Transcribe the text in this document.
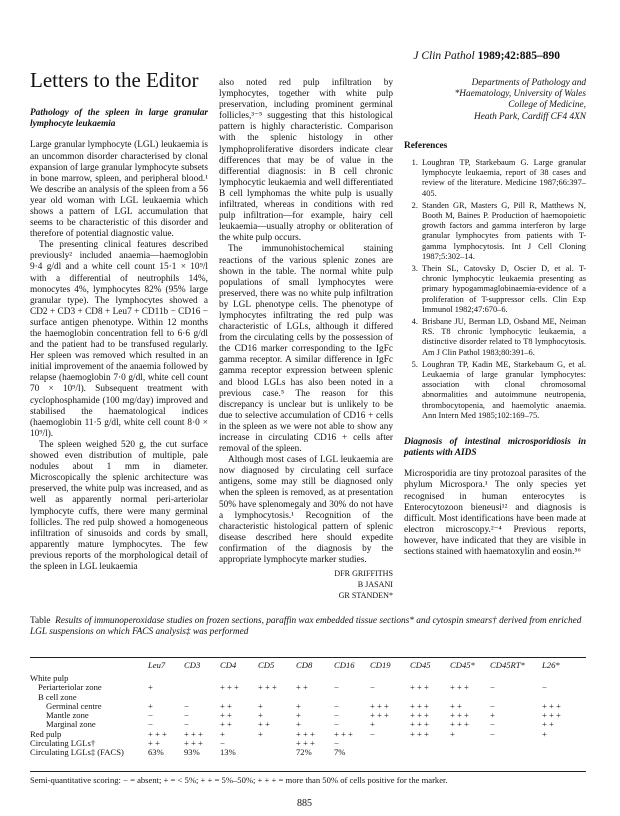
J Clin Pathol 1989;42:885–890
Letters to the Editor
Pathology of the spleen in large granular lymphocyte leukaemia

Large granular lymphocyte (LGL) leukaemia is an uncommon disorder characterised by clonal expansion of large granular lymphocyte subsets in bone marrow, spleen, and peripheral blood.¹ We describe an analysis of the spleen from a 56 year old woman with LGL leukaemia which shows a pattern of LGL accumulation that seems to be characteristic of this disorder and therefore of potential diagnostic value.

The presenting clinical features described previously² included anaemia—haemoglobin 9·4 g/dl and a white cell count 15·1 × 10⁹/l with a differential of neutrophils 14%, monocytes 4%, lymphocytes 82% (95% large granular type). The lymphocytes showed a CD2 + CD3 + CD8 + Leu7 + CD11b − CD16 − surface antigen phenotype. Within 12 months the haemoglobin concentration fell to 6·6 g/dl and the patient had to be transfused regularly. Her spleen was removed which resulted in an initial improvement of the anaemia followed by relapse (haemoglobin 7·0 g/dl, white cell count 70 × 10⁹/l). Subsequent treatment with cyclophosphamide (100 mg/day) improved and stabilised the haematological indices (haemoglobin 11·5 g/dl, white cell count 8·0 × 10⁹/l).

The spleen weighed 520 g, the cut surface showed even distribution of multiple, pale nodules about 1 mm in diameter. Microscopically the splenic architecture was preserved, the white pulp was increased, and as well as apparently normal peri-arteriolar lymphocyte cuffs, there were many germinal follicles. The red pulp showed a homogeneous infiltration of sinusoids and cords by small, apparently mature lymphocytes. The few previous reports of the morphological detail of the spleen in LGL leukaemia

also noted red pulp infiltration by lymphocytes, together with white pulp preservation, including prominent germinal follicles,³⁻⁵ suggesting that this histological pattern is highly characteristic. Comparison with the splenic histology in other lymphoproliferative disorders indicate clear differences that may be of value in the differential diagnosis: in B cell chronic lymphocytic leukaemia and well differentiated B cell lymphomas the white pulp is usually infiltrated, whereas in conditions with red pulp infiltration—for example, hairy cell leukaemia—usually atrophy or obliteration of the white pulp occurs.

The immunohistochemical staining reactions of the various splenic zones are shown in the table. The normal white pulp populations of small lymphocytes were preserved, there was no white pulp infiltration by LGL phenotype cells. The phenotype of lymphocytes infiltrating the red pulp was characteristic of LGLs, although it differed from the circulating cells by the possession of the CD16 marker corresponding to the IgFc gamma receptor. A similar difference in IgFc gamma receptor expression between splenic and blood LGLs has also been noted in a previous case.⁵ The reason for this discrepancy is unclear but is unlikely to be due to selective accumulation of CD16 + cells in the spleen as we were not able to show any increase in circulating CD16 + cells after removal of the spleen.

Although most cases of LGL leukaemia are now diagnosed by circulating cell surface antigens, some may still be diagnosed only when the spleen is removed, as at presentation 50% have splenomegaly and 30% do not have a lymphocytosis.¹ Recognition of the characteristic histological pattern of splenic disease described here should expedite confirmation of the diagnosis by the appropriate lymphocyte marker studies.

DFR GRIFFITHS
B JASANI
GR STANDEN*
Departments of Pathology and
*Haematology, University of Wales
College of Medicine,
Heath Park, Cardiff CF4 4XN
References
1. Loughran TP, Starkebaum G. Large granular lymphocyte leukaemia, report of 38 cases and review of the literature. Medicine 1987;66:397–405.
2. Standen GR, Masters G, Pill R, Matthews N, Booth M, Baines P. Production of haemopoietic growth factors and gamma interferon by large granular lymphocytes from patients with T-gamma lymphocytosis. Int J Cell Cloning 1987;5:302–14.
3. Thein SL, Catovsky D, Oscier D, et al. T-chronic lymphocytic leukaemia presenting as primary hypogammaglobinaemia-evidence of a proliferation of T-suppressor cells. Clin Exp Immunol 1982;47:670–6.
4. Brisbane JU, Berman LD, Osband ME, Neiman RS. T8 chronic lymphocytic leukaemia, a distinctive disorder related to T8 lymphocytosis. Am J Clin Pathol 1983;80:391–6.
5. Loughran TP, Kadin ME, Starkebaum G, et al. Leukaemia of large granular lymphocytes: association with clonal chromosomal abnormalities and autoimmune neutropenia, thrombocytopenia, and haemolytic anaemia. Ann Intern Med 1985;102:169–75.
Diagnosis of intestinal microsporidiosis in patients with AIDS

Microsporidia are tiny protozoal parasites of the phylum Microspora.¹ The only species yet recognised in human enterocytes is Enterocytozoon bieneusi¹² and diagnosis is difficult. Most identifications have been made at electron microscopy.²⁻⁴ Previous reports, however, have indicated that they are visible in sections stained with haematoxylin and eosin.⁵⁶

Table Results of immunoperoxidase studies on frozen sections, paraffin wax embedded tissue sections* and cytospin smears† derived from enriched LGL suspensions on which FACS analysis‡ was performed
	Leu7	CD3	CD4	CD5	CD8	CD16	CD19	CD45	CD45*	CD45RT*	L26*
White pulp											
Periarteriolar zone	+		+ + +	+ + +	+ +	−	−	+ + +	+ + +	−	−
B cell zone											
Germinal centre	+	−	+ +	+	+	−	+ + +	+ + +	+ +	−	+ + +
Mantle zone	−	−	+ +	+	+	−	+ + +	+ + +	+ + +	+	+ + +
Marginal zone	−	−	+ +	+ +	+	−	+	+ + +	+ + +	−	+ +
Red pulp	+ + +	+ + +	+	+	+ + +	+ + +	−	+ + +	+	−	+
Circulating LGLs†	+ +	+ + +	−		+ + +	−					
Circulating LGLs‡ (FACS)	63%	93%	13%		72%	7%					
Semi-quantitative scoring: − = absent; + = < 5%; + + = 5%–50%; + + + = more than 50% of cells positive for the marker.
885
